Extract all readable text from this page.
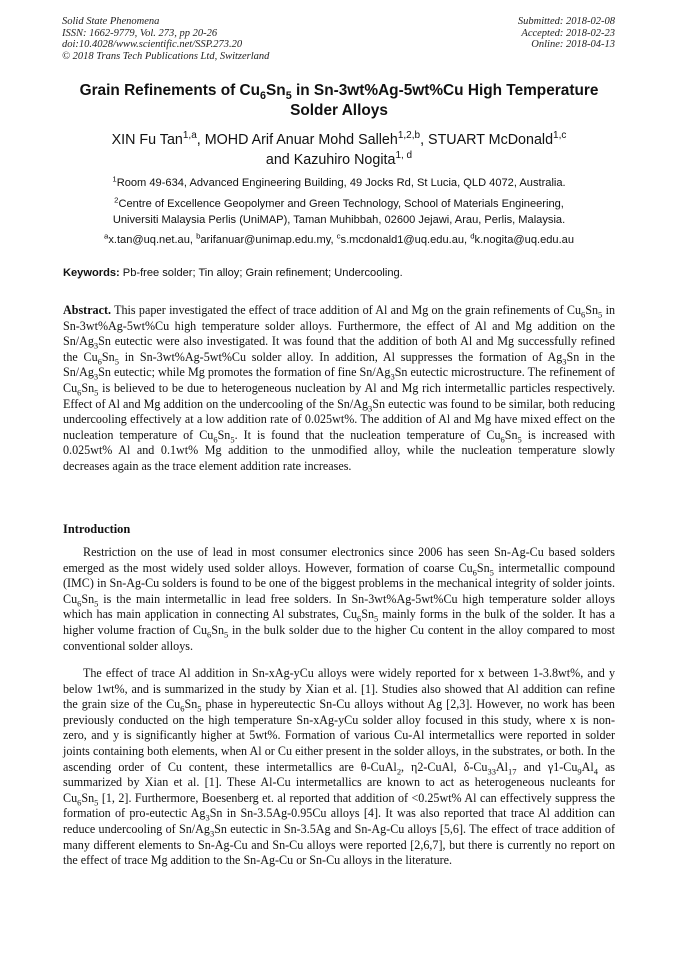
Solid State Phenomena
ISSN: 1662-9779, Vol. 273, pp 20-26
doi:10.4028/www.scientific.net/SSP.273.20
© 2018 Trans Tech Publications Ltd, Switzerland
Submitted: 2018-02-08
Accepted: 2018-02-23
Online: 2018-04-13
Grain Refinements of $Cu_6Sn_5$ in Sn-3wt%Ag-5wt%Cu High Temperature
Solder Alloys
XIN Fu Tan$^{1,a}$, MOHD Arif Anuar Mohd Salleh$^{1,2,b}$, STUART McDonald$^{1,c}$
and Kazuhiro Nogita$^{1, d}$
$^1$Room 49-634, Advanced Engineering Building, 49 Jocks Rd, St Lucia, QLD 4072, Australia.
$^2$Centre of Excellence Geopolymer and Green Technology, School of Materials Engineering,
Universiti Malaysia Perlis (UniMAP), Taman Muhibbah, 02600 Jejawi, Arau, Perlis, Malaysia.
$^a$x.tan@uq.net.au, $^b$arifanuar@unimap.edu.my, $^c$s.mcdonald1@uq.edu.au, $^d$k.nogita@uq.edu.au
Keywords: Pb-free solder; Tin alloy; Grain refinement; Undercooling.

Abstract. This paper investigated the effect of trace addition of Al and Mg on the grain refinements of $Cu_6Sn_5$ in Sn-3wt%Ag-5wt%Cu high temperature solder alloys. Furthermore, the effect of Al and Mg addition on the $Sn/Ag_3Sn$ eutectic were also investigated. It was found that the addition of both Al and Mg successfully refined the $Cu_6Sn_5$ in Sn-3wt%Ag-5wt%Cu solder alloy. In addition, Al suppresses the formation of $Ag_3Sn$ in the $Sn/Ag_3Sn$ eutectic; while Mg promotes the formation of fine $Sn/Ag_3Sn$ eutectic microstructure. The refinement of $Cu_6Sn_5$ is believed to be due to heterogeneous nucleation by Al and Mg rich intermetallic particles respectively. Effect of Al and Mg addition on the undercooling of the $Sn/Ag_3Sn$ eutectic was found to be similar, both reducing undercooling effectively at a low addition rate of 0.025wt%. The addition of Al and Mg have mixed effect on the nucleation temperature of $Cu_6Sn_5$. It is found that the nucleation temperature of $Cu_6Sn_5$ is increased with 0.025wt% Al and 0.1wt% Mg addition to the unmodified alloy, while the nucleation temperature slowly decreases again as the trace element addition rate increases.

Introduction

Restriction on the use of lead in most consumer electronics since 2006 has seen Sn-Ag-Cu based solders emerged as the most widely used solder alloys. However, formation of coarse $Cu_6Sn_5$ intermetallic compound (IMC) in Sn-Ag-Cu solders is found to be one of the biggest problems in the mechanical integrity of solder joints. $Cu_6Sn_5$ is the main intermetallic in lead free solders. In Sn-3wt%Ag-5wt%Cu high temperature solder alloys which has main application in connecting Al substrates, $Cu_6Sn_5$ mainly forms in the bulk of the solder. It has a higher volume fraction of $Cu_6Sn_5$ in the bulk solder due to the higher Cu content in the alloy compared to most conventional solder alloys.

The effect of trace Al addition in Sn-xAg-yCu alloys were widely reported for x between 1-3.8wt%, and y below 1wt%, and is summarized in the study by Xian et al. [1]. Studies also showed that Al addition can refine the grain size of the $Cu_6Sn_5$ phase in hypereutectic Sn-Cu alloys without Ag [2,3]. However, no work has been previously conducted on the high temperature Sn-xAg-yCu solder alloy focused in this study, where x is non-zero, and y is significantly higher at 5wt%. Formation of various Cu-Al intermetallics were reported in solder joints containing both elements, when Al or Cu either present in the solder alloys, in the substrates, or both. In the ascending order of Cu content, these intermetallics are θ-CuAl$_2$, η2-CuAl, $\delta-Cu_{33}Al_{17}$ and $\gamma 1-Cu_9Al_4$ as summarized by Xian et al. [1]. These Al-Cu intermetallics are known to act as heterogeneous nucleants for $Cu_6Sn_5$ [1, 2]. Furthermore, Boesenberg et. al reported that addition of <0.25wt% Al can effectively suppress the formation of pro-eutectic $Ag_3Sn$ in Sn-3.5Ag-0.95Cu alloys [4]. It was also reported that trace Al addition can reduce undercooling of $Sn/Ag_3Sn$ eutectic in Sn-3.5Ag and Sn-Ag-Cu alloys [5,6]. The effect of trace addition of many different elements to Sn-Ag-Cu and Sn-Cu alloys were reported [2,6,7], but there is currently no report on the effect of trace Mg addition to the Sn-Ag-Cu or Sn-Cu alloys in the literature.
